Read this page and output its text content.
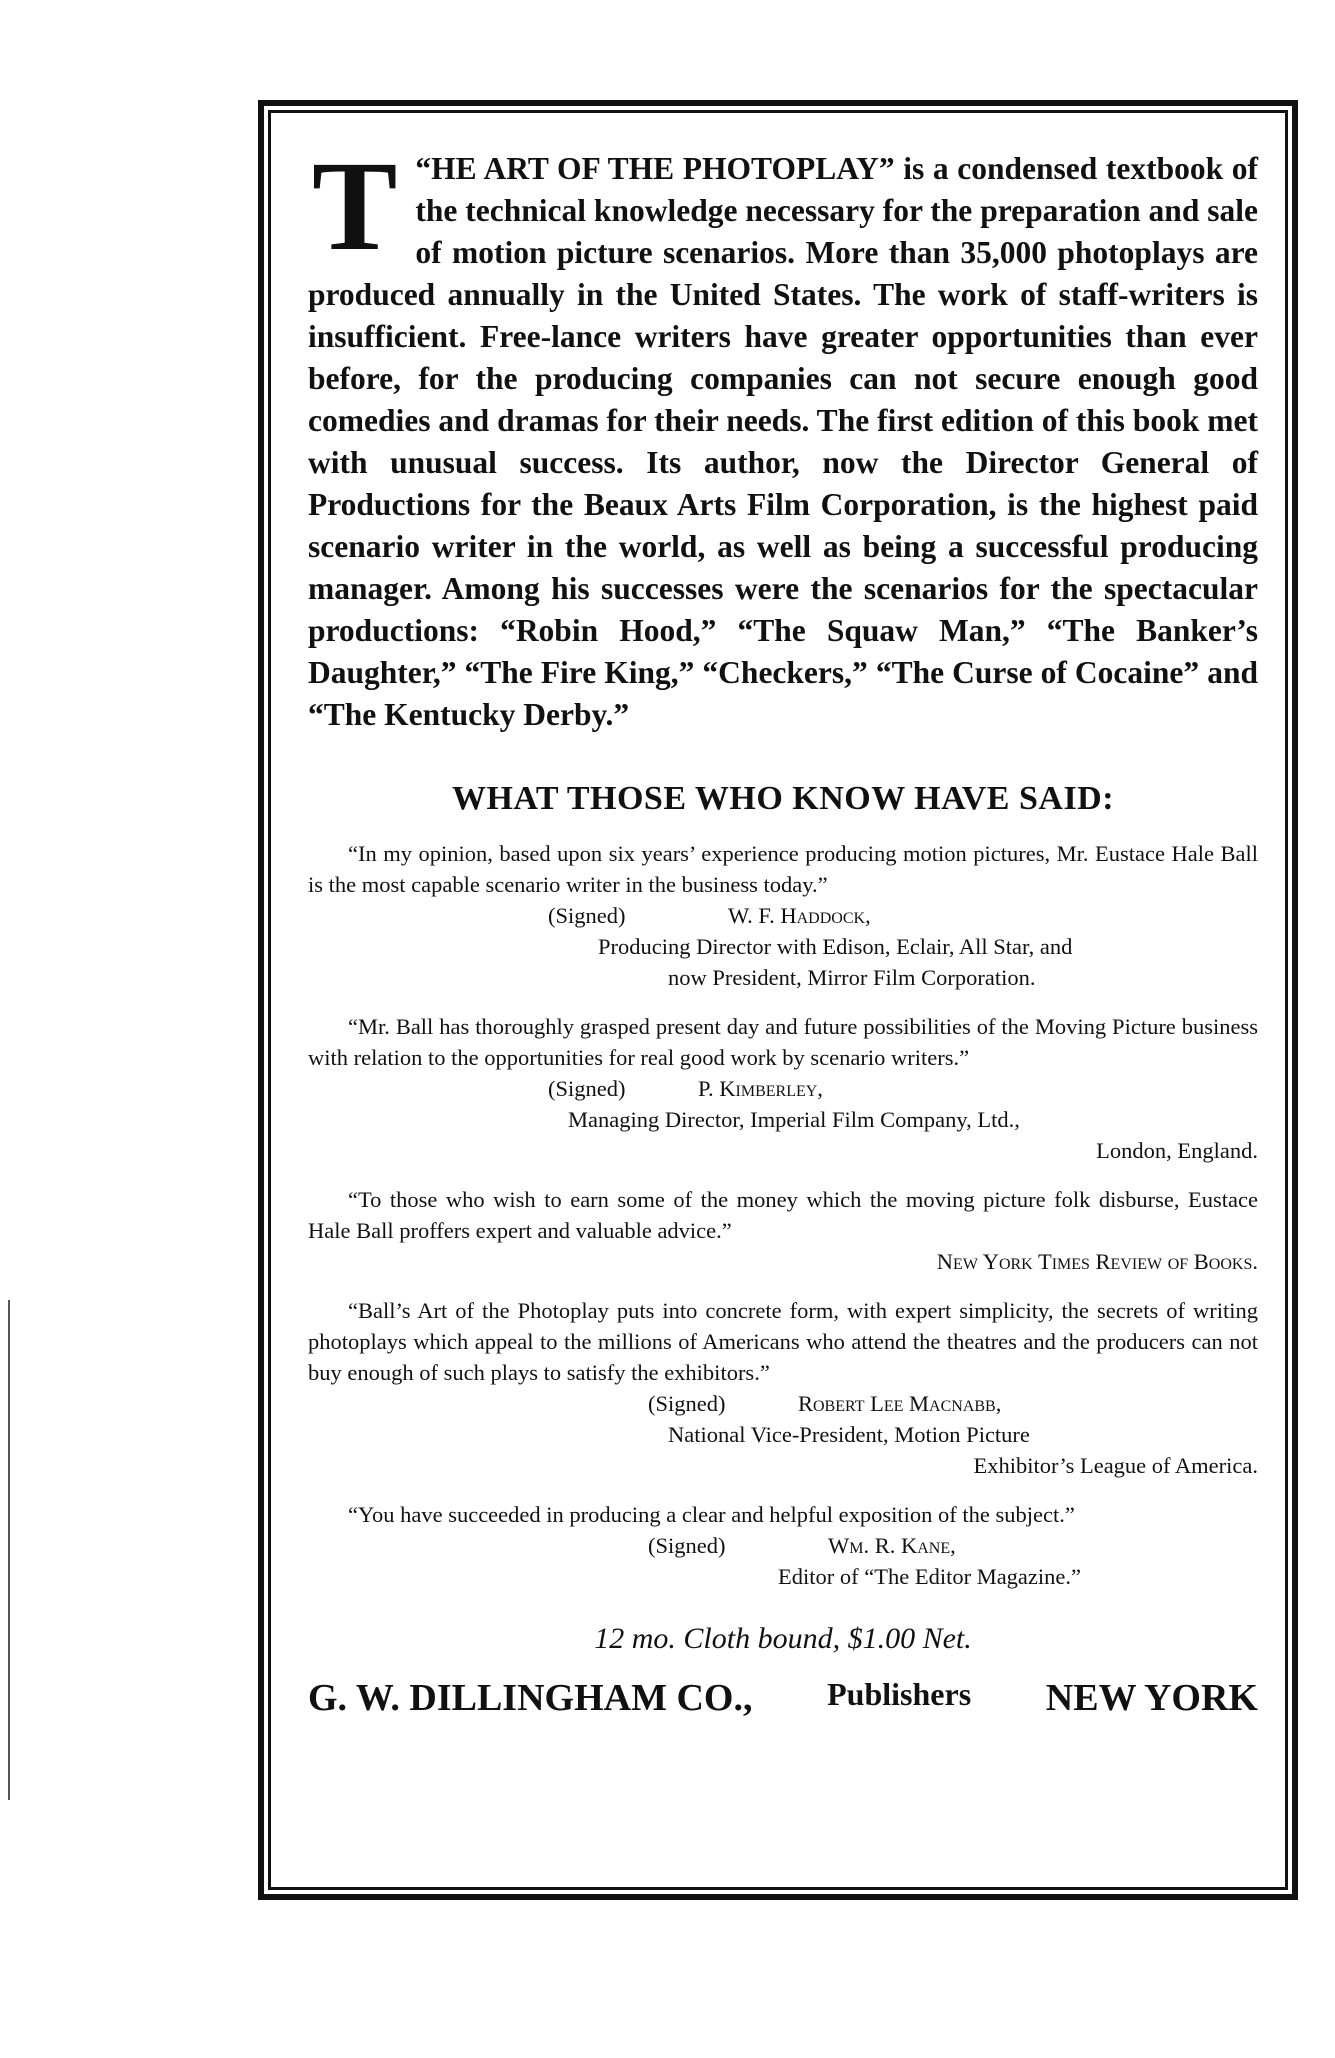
“
T HE ART OF THE PHOTOPLAY” is a condensed textbook of the technical knowledge necessary for the preparation and sale of motion picture scenarios. More than 35,000 photoplays are produced annually in the United States. The work of staff-writers is insufficient. Free-lance writers have greater opportunities than ever before, for the producing companies can not secure enough good comedies and dramas for their needs. The first edition of this book met with unusual success. Its author, now the Director General of Productions for the Beaux Arts Film Corporation, is the highest paid scenario writer in the world, as well as being a successful producing manager. Among his successes were the scenarios for the spectacular productions: “Robin Hood,” “The Squaw Man,” “The Banker’s Daughter,” “The Fire King,” “Checkers,” “The Curse of Cocaine” and “The Kentucky Derby.”

WHAT THOSE WHO KNOW HAVE SAID:
“In my opinion, based upon six years’ experience producing motion pictures, Mr. Eustace Hale Ball is the most capable scenario writer in the business today.”
(Signed)	W. F. Haddock,
Producing Director with Edison, Eclair, All Star, and
now President, Mirror Film Corporation.
“Mr. Ball has thoroughly grasped present day and future possibilities of the Moving Picture business with relation to the opportunities for real good work by scenario writers.”
(Signed)	P. Kimberley,
Managing Director, Imperial Film Company, Ltd.,
London, England.
“To those who wish to earn some of the money which the moving picture folk disburse, Eustace Hale Ball proffers expert and valuable advice.”
New York Times Review of Books.
“Ball’s Art of the Photoplay puts into concrete form, with expert simplicity, the secrets of writing photoplays which appeal to the millions of Americans who attend the theatres and the producers can not buy enough of such plays to satisfy the exhibitors.”
(Signed)	Robert Lee Macnabb,
National Vice-President, Motion Picture
Exhibitor’s League of America.
“You have succeeded in producing a clear and helpful exposition of the subject.”
(Signed)	Wm. R. Kane,
Editor of “The Editor Magazine.”
12 mo. Cloth bound, $1.00 Net.
G. W. DILLINGHAM CO., Publishers NEW YORK
